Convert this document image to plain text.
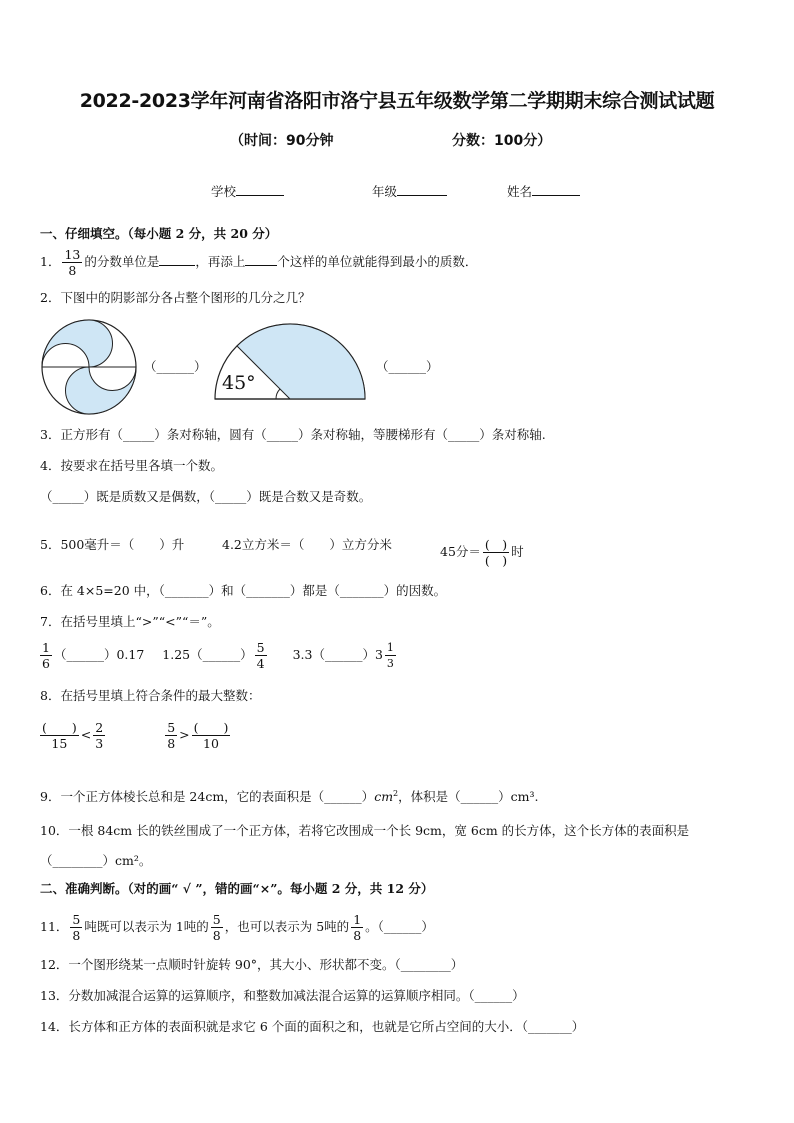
2022-2023学年河南省洛阳市洛宁县五年级数学第二学期期末综合测试试题
（时间：90分钟	分数：100分）
学校	年级	姓名
一、仔细填空。（每小题 2 分，共 20 分）
1． $\frac{13}{8}$ 的分数单位是	，再添上	个这样的单位就能得到最小的质数．
2．下图中的阴影部分各占整个图形的几分之几？
（______）
45°
（______）
3．正方形有（_____）条对称轴，圆有（_____）条对称轴，等腰梯形有（_____）条对称轴.
4．按要求在括号里各填一个数。
（_____）既是质数又是偶数，（_____）既是合数又是奇数。
5．500毫升＝（　　）升	4.2立方米＝（　　）立方分米	45分＝ $\frac{( )}{( )}$ 时
6．在 4×5=20 中，（_______）和（_______）都是（_______）的因数。
7．在括号里填上“>”“<”“＝”。
$\frac{1}{6}$ （______）0.17 1.25（______） $\frac{5}{4}$ 3.3（______）3 $\frac{1}{3}$
8．在括号里填上符合条件的最大整数：
$\frac{( )}{15} < \frac{2}{3}$
	$\frac{5}{8} > \frac{( )}{10}$
9．一个正方体棱长总和是 24cm，它的表面积是$(\_\_\_\_\_\_)cm^2$，体积是（______）cm³.
10．一根 84cm 长的铁丝围成了一个正方体，若将它改围成一个长 9cm，宽 6cm 的长方体，这个长方体的表面积是
（________）cm²。
二、准确判断。（对的画“ √ ”，错的画“×”。每小题 2 分，共 12 分）
11． $\frac{5}{8}$ 吨既可以表示为 1吨的 $\frac{5}{8}$ ，也可以表示为 5吨的 $\frac{1}{8}$ 。（______）
12．一个图形绕某一点顺时针旋转 90°，其大小、形状都不变。（________）
13．分数加减混合运算的运算顺序，和整数加减法混合运算的运算顺序相同。（______）
14．长方体和正方体的表面积就是求它 6 个面的面积之和，也就是它所占空间的大小．（_______）
